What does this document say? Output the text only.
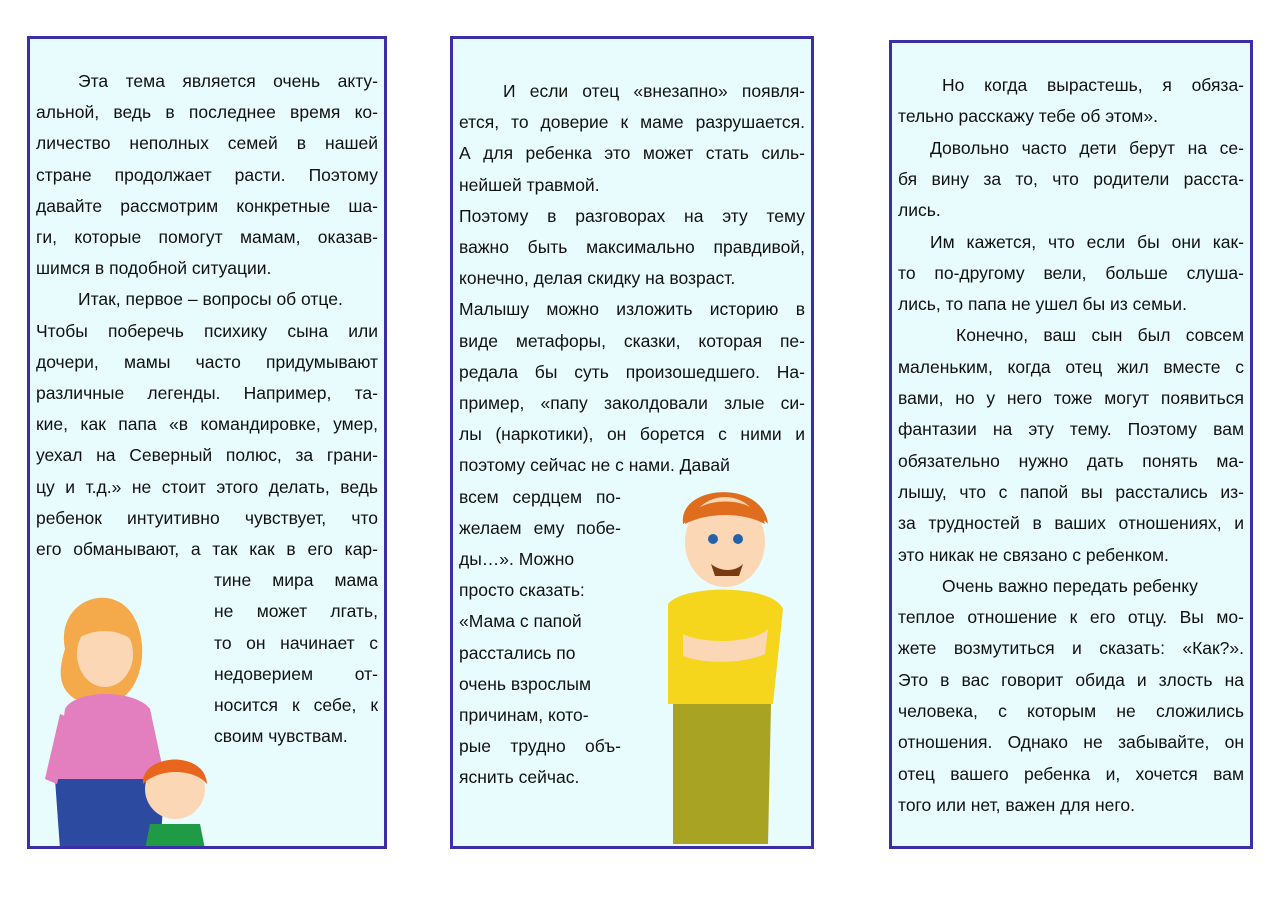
Эта тема является очень акту-
альной, ведь в последнее время ко-
личество неполных семей в нашей
стране продолжает расти. Поэтому
давайте рассмотрим конкретные ша-
ги, которые помогут мамам, оказав-
шимся в подобной ситуации.
Итак, первое – вопросы об отце.
Чтобы поберечь психику сына или
дочери, мамы часто придумывают
различные легенды. Например, та-
кие, как папа «в командировке, умер,
уехал на Северный полюс, за грани-
цу и т.д.» не стоит этого делать, ведь
ребенок интуитивно чувствует, что
его обманывают, а так как в его кар-
тине мира мама
не может лгать,
то он начинает с
недоверием от-
носится к себе, к
своим чувствам.
И если отец «внезапно» появля-
ется, то доверие к маме разрушается.
А для ребенка это может стать силь-
нейшей травмой.
Поэтому в разговорах на эту тему
важно быть максимально правдивой,
конечно, делая скидку на возраст.
Малышу можно изложить историю в
виде метафоры, сказки, которая пе-
редала бы суть произошедшего. На-
пример, «папу заколдовали злые си-
лы (наркотики), он борется с ними и
поэтому сейчас не с нами. Давай
всем сердцем по-
желаем ему побе-
ды…». Можно
просто сказать:
«Мама с папой
расстались по
очень взрослым
причинам, кото-
рые трудно объ-
яснить сейчас.
Но когда вырастешь, я обяза-
тельно расскажу тебе об этом».
Довольно часто дети берут на се-
бя вину за то, что родители расста-
лись.
Им кажется, что если бы они как-
то по-другому вели, больше слуша-
лись, то папа не ушел бы из семьи.
Конечно, ваш сын был совсем
маленьким, когда отец жил вместе с
вами, но у него тоже могут появиться
фантазии на эту тему. Поэтому вам
обязательно нужно дать понять ма-
лышу, что с папой вы расстались из-
за трудностей в ваших отношениях, и
это никак не связано с ребенком.
Очень важно передать ребенку
теплое отношение к его отцу. Вы мо-
жете возмутиться и сказать: «Как?».
Это в вас говорит обида и злость на
человека, с которым не сложились
отношения. Однако не забывайте, он
отец вашего ребенка и, хочется вам
того или нет, важен для него.
